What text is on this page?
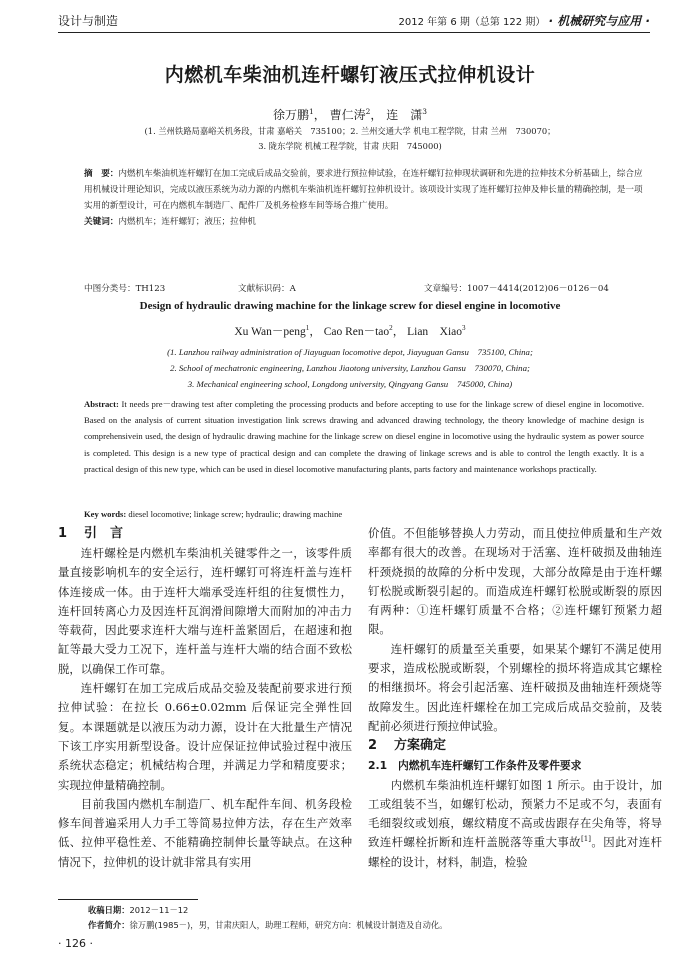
设计与制造	2012 年第 6 期（总第 122 期） · 机械研究与应用 ·
内燃机车柴油机连杆螺钉液压式拉伸机设计
徐万鹏$^1$， 曹仁涛$^2$， 连　潇$^3$
(1. 兰州铁路局嘉峪关机务段，甘肃 嘉峪关　735100；2. 兰州交通大学 机电工程学院，甘肃 兰州　730070；
3. 陇东学院 机械工程学院，甘肃 庆阳　745000)
摘　要：内燃机车柴油机连杆螺钉在加工完成后成品交验前，要求进行预拉伸试验，在连杆螺钉拉伸现状调研和先进的拉伸技术分析基础上，综合应用机械设计理论知识，完成以液压系统为动力源的内燃机车柴油机连杆螺钉拉伸机设计。该项设计实现了连杆螺钉拉伸及伸长量的精确控制，是一项实用的新型设计，可在内燃机车制造厂、配件厂及机务检修车间等场合推广使用。
关键词：内燃机车；连杆螺钉；液压；拉伸机
中图分类号：TH123	文献标识码：A	文章编号：1007－4414(2012)06－0126－04
Design of hydraulic drawing machine for the linkage screw for diesel engine in locomotive
Xu Wan－peng$^1$， Cao Ren－tao$^2$， Lian　Xiao$^3$
(1. Lanzhou railway administration of Jiayuguan locomotive depot, Jiayuguan Gansu　735100, China;
2. School of mechatronic engineering, Lanzhou Jiaotong university, Lanzhou Gansu　730070, China;
3. Mechanical engineering school, Longdong university, Qingyang Gansu　745000, China)
Abstract: It needs pre－drawing test after completing the processing products and before accepting to use for the linkage screw of diesel engine in locomotive. Based on the analysis of current situation investigation link screws drawing and advanced drawing technology, the theory knowledge of machine design is comprehensivein used, the design of hydraulic drawing machine for the linkage screw on diesel engine in locomotive using the hydraulic system as power source is completed. This design is a new type of practical design and can complete the drawing of linkage screws and is able to control the length exactly. It is a practical design of this new type, which can be used in diesel locomotive manufacturing plants, parts factory and maintenance workshops practically.
Key words: diesel locomotive; linkage screw; hydraulic; drawing machine
1 引　言

连杆螺栓是内燃机车柴油机关键零件之一，该零件质量直接影响机车的安全运行，连杆螺钉可将连杆盖与连杆体连接成一体。由于连杆大端承受连杆组的往复惯性力，连杆回转离心力及因连杆瓦润滑间隙增大而附加的冲击力等载荷，因此要求连杆大端与连杆盖紧固后，在超速和抱缸等最大受力工况下，连杆盖与连杆大端的结合面不致松脱，以确保工作可靠。

连杆螺钉在加工完成后成品交验及装配前要求进行预拉伸试验：在拉长 0.66±0.02mm 后保证完全弹性回复。本课题就是以液压为动力源，设计在大批量生产情况下该工序实用新型设备。设计应保证拉伸试验过程中液压系统状态稳定；机械结构合理，并满足力学和精度要求；实现拉伸量精确控制。

目前我国内燃机车制造厂、机车配件车间、机务段检修车间普遍采用人力手工等简易拉伸方法，存在生产效率低、拉伸平稳性差、不能精确控制伸长量等缺点。在这种情况下，拉伸机的设计就非常具有实用

价值。不但能够替换人力劳动，而且使拉伸质量和生产效率都有很大的改善。在现场对于活塞、连杆破损及曲轴连杆颈烧损的故障的分析中发现，大部分故障是由于连杆螺钉松脱或断裂引起的。而造成连杆螺钉松脱或断裂的原因有两种：①连杆螺钉质量不合格；②连杆螺钉预紧力超限。

连杆螺钉的质量至关重要，如果某个螺钉不满足使用要求，造成松脱或断裂，个别螺栓的损坏将造成其它螺栓的相继损坏。将会引起活塞、连杆破损及曲轴连杆颈烧等故障发生。因此连杆螺栓在加工完成后成品交验前，及装配前必须进行预拉伸试验。

2 方案确定
2.1　 内燃机车连杆螺钉工作条件及零件要求

内燃机车柴油机连杆螺钉如图 1 所示。由于设计，加工或组装不当，如螺钉松动，预紧力不足或不匀，表面有毛细裂纹或划痕，螺纹精度不高或齿跟存在尖角等，将导致连杆螺栓折断和连杆盖脱落等重大事故[1]。因此对连杆螺栓的设计，材料，制造，检验

收稿日期：2012－11－12
作者简介：徐万鹏(1985－)，男，甘肃庆阳人，助理工程师，研究方向：机械设计制造及自动化。
· 126 ·
